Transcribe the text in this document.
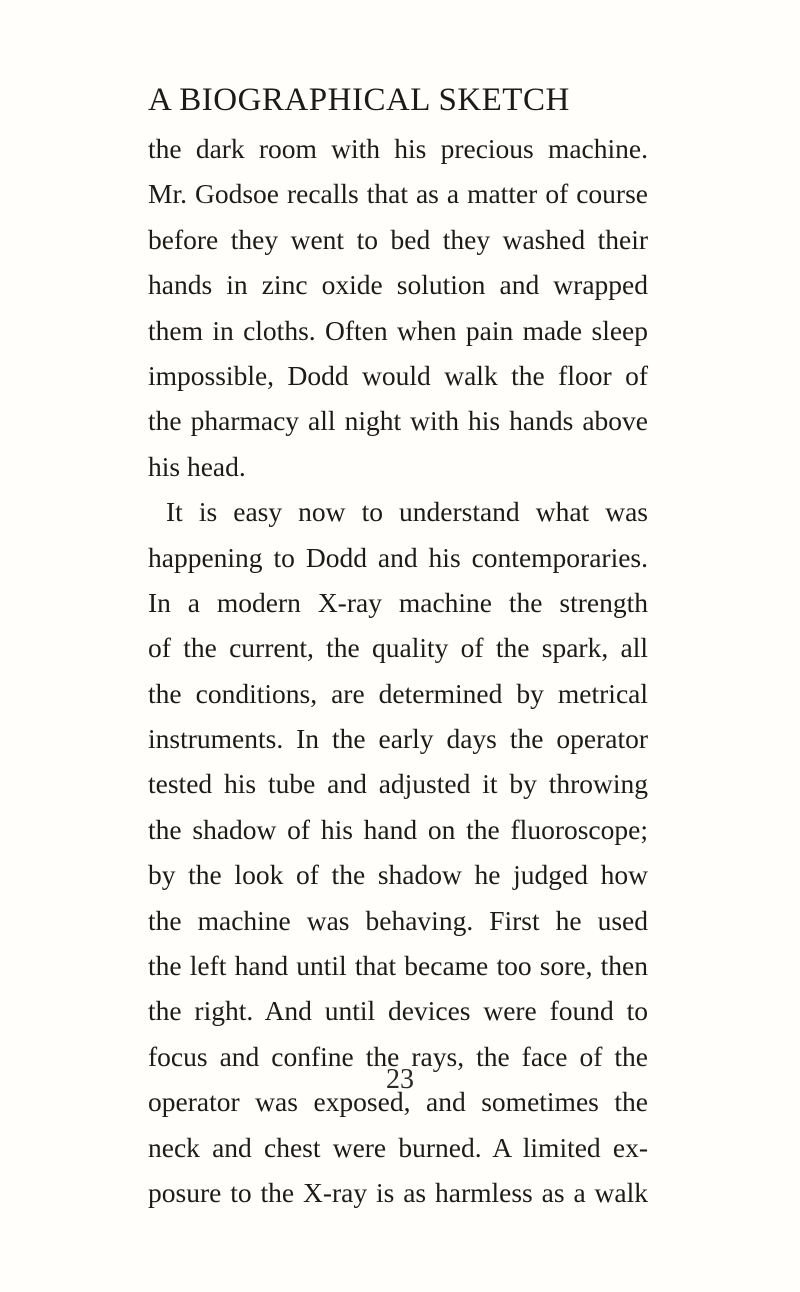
A BIOGRAPHICAL SKETCH
the dark room with his precious machine.
Mr. Godsoe recalls that as a matter of course
before they went to bed they washed their
hands in zinc oxide solution and wrapped
them in cloths. Often when pain made sleep
impossible, Dodd would walk the floor of
the pharmacy all night with his hands above
his head.
It is easy now to understand what was
happening to Dodd and his contemporaries.
In a modern X-ray machine the strength
of the current, the quality of the spark, all
the conditions, are determined by metrical
instruments. In the early days the operator
tested his tube and adjusted it by throwing
the shadow of his hand on the fluoroscope;
by the look of the shadow he judged how
the machine was behaving. First he used
the left hand until that became too sore, then
the right. And until devices were found to
focus and confine the rays, the face of the
operator was exposed, and sometimes the
neck and chest were burned. A limited ex-
posure to the X-ray is as harmless as a walk
23
